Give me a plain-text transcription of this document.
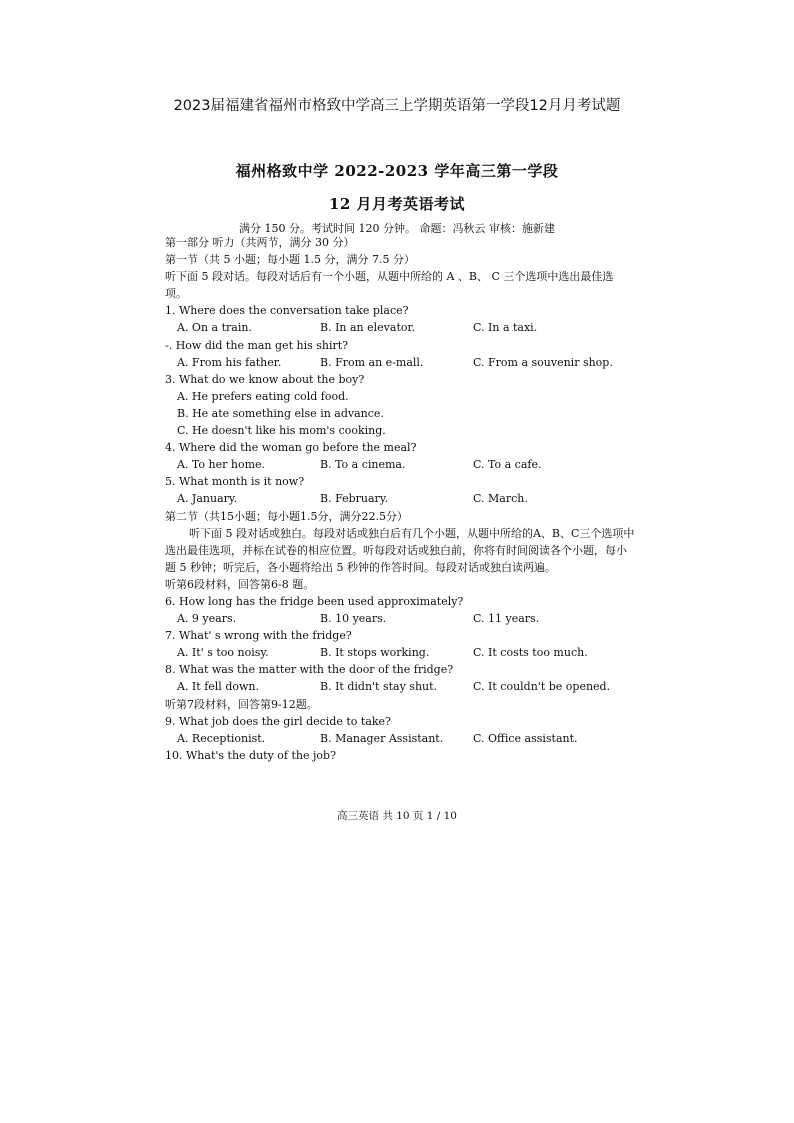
2023届福建省福州市格致中学高三上学期英语第一学段12月月考试题
福州格致中学 2022-2023 学年高三第一学段
12 月月考英语考试
满分 150 分。考试时间 120 分钟。 命题：冯秋云 审核：施新建
第一部分 听力（共两节，满分 30 分）
第一节（共 5 小题；每小题 1.5 分，满分 7.5 分）
听下面 5 段对话。每段对话后有一个小题，从题中所给的 A 、B、 C 三个选项中选出最佳选项。
1. Where does the conversation take place?
A. On a train.	B. In an elevator.	C. In a taxi.
-. How did the man get his shirt?
A. From his father.	B. From an e-mall.	C. From a souvenir shop.
3. What do we know about the boy?
A. He prefers eating cold food.
B. He ate something else in advance.
C. He doesn't like his mom's cooking.
4. Where did the woman go before the meal?
A. To her home.	B. To a cinema.	C. To a cafe.
5. What month is it now?
A. January.	B. February.	C. March.
第二节（共15小题；每小题1.5分，满分22.5分）
听下面 5 段对话或独白。每段对话或独白后有几个小题，从题中所给的A、B、C三个选项中选出最佳选项，并标在试卷的相应位置。听每段对话或独白前，你将有时间阅读各个小题，每小题 5 秒钟；听完后，各小题将给出 5 秒钟的作答时间。每段对话或独白读两遍。
听第6段材料，回答第6-8 题。
6. How long has the fridge been used approximately?
A. 9 years.	B. 10 years.	C. 11 years.
7. What' s wrong with the fridge?
A. It' s too noisy.	B. It stops working.	C. It costs too much.
8. What was the matter with the door of the fridge?
A. It fell down.	B. It didn't stay shut.	C. It couldn't be opened.
听第7段材料，回答第9-12题。
9. What job does the girl decide to take?
A. Receptionist.	B. Manager Assistant.	C. Office assistant.
10. What's the duty of the job?
高三英语 共 10 页 1 / 10
